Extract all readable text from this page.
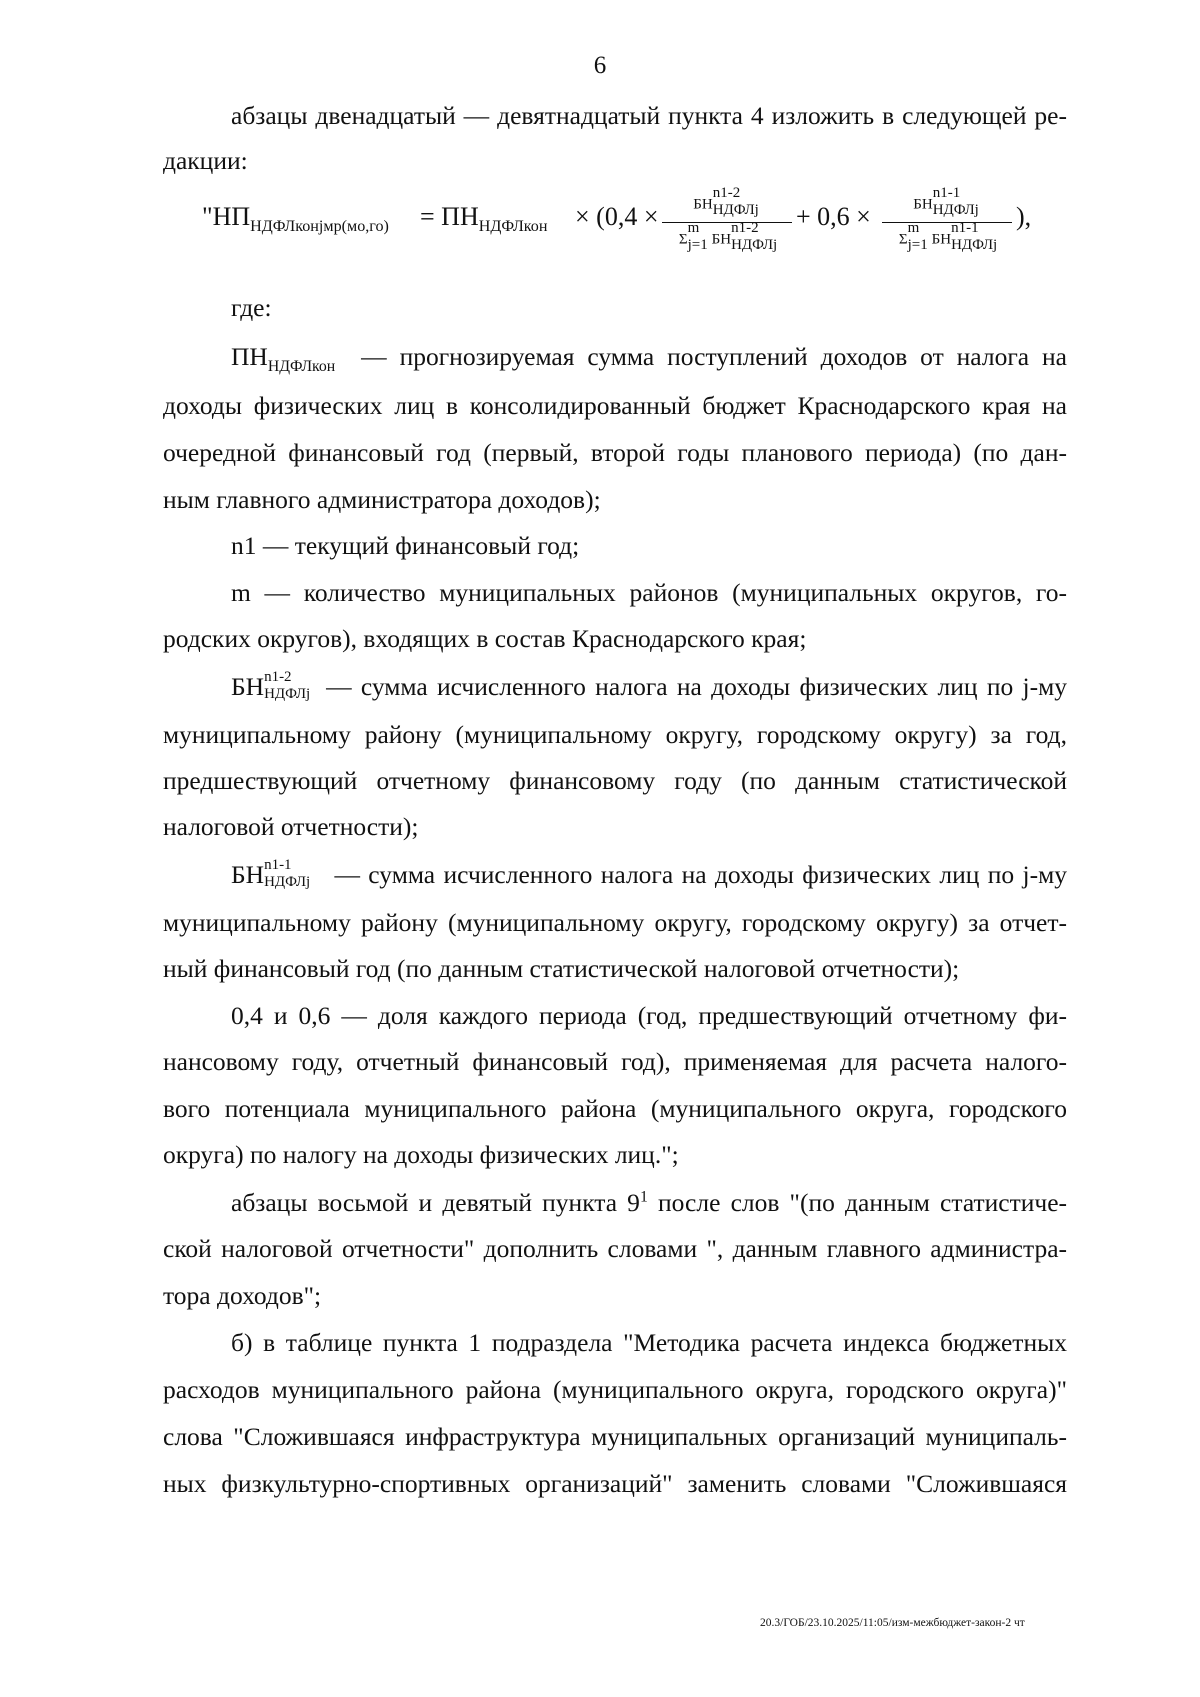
6
абзацы двенадцатый — девятнадцатый пункта 4 изложить в следующей ре-
дакции:
"$НП_{НДФЛконjмр(мо,го)} = ПН_{НДФЛкон} \times (0,4$ ×	БН
n1-2
НДФЛj
Σ
m
j=1 БН
n1-2
НДФЛj
+ 0,6 ×	БН
n1-1
НДФЛj
Σ
m
j=1 БН
n1-1
НДФЛj
),
где:
$ПН_{НДФЛкон}$ — прогнозируемая сумма поступлений доходов от налога на
доходы физических лиц в консолидированный бюджет Краснодарского края на
очередной финансовый год (первый, второй годы планового периода) (по дан-
ным главного администратора доходов);
n1 — текущий финансовый год;
m — количество муниципальных районов (муниципальных округов, го-
родских округов), входящих в состав Краснодарского края;
БН n1-2
НДФЛj — сумма исчисленного налога на доходы физических лиц по j-му
муниципальному району (муниципальному округу, городскому округу) за год,
предшествующий отчетному финансовому году (по данным статистической
налоговой отчетности);
БН n1-1
НДФЛj — сумма исчисленного налога на доходы физических лиц по j-му
муниципальному району (муниципальному округу, городскому округу) за отчет-
ный финансовый год (по данным статистической налоговой отчетности);
0,4 и 0,6 — доля каждого периода (год, предшествующий отчетному фи-
нансовому году, отчетный финансовый год), применяемая для расчета налого-
вого потенциала муниципального района (муниципального округа, городского
округа) по налогу на доходы физических лиц.";
абзацы восьмой и девятый пункта $9^1$ после слов "(по данным статистиче-
ской налоговой отчетности" дополнить словами ", данным главного администра-
тора доходов";
б) в таблице пункта 1 подраздела "Методика расчета индекса бюджетных
расходов муниципального района (муниципального округа, городского округа)"
слова "Сложившаяся инфраструктура муниципальных организаций муниципаль-
ных физкультурно-спортивных организаций" заменить словами "Сложившаяся
20.3/ГОБ/23.10.2025/11:05/изм-межбюджет-закон-2 чт
